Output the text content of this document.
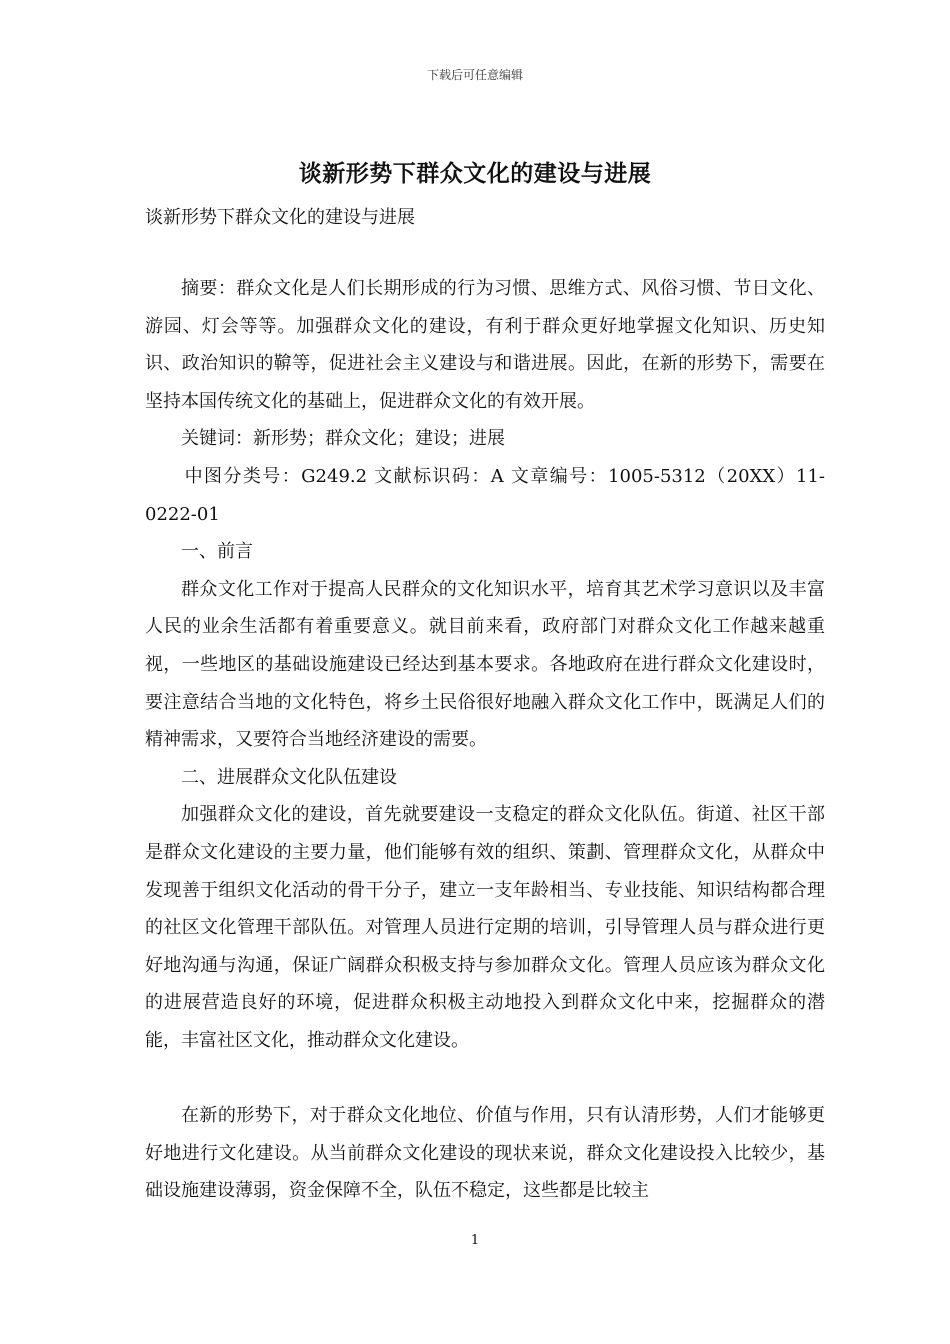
下载后可任意编辑
谈新形势下群众文化的建设与进展
谈新形势下群众文化的建设与进展

摘要：群众文化是人们长期形成的行为习惯、思维方式、风俗习惯、节日文化、游园、灯会等等。加强群众文化的建设，有利于群众更好地掌握文化知识、历史知识、政治知识的鞥等，促进社会主义建设与和谐进展。因此，在新的形势下，需要在坚持本国传统文化的基础上，促进群众文化的有效开展。

关键词：新形势；群众文化；建设；进展

中图分类号：G249.2 文献标识码：A 文章编号：1005-5312（20XX）11-0222-01

一、前言

群众文化工作对于提高人民群众的文化知识水平，培育其艺术学习意识以及丰富人民的业余生活都有着重要意义。就目前来看，政府部门对群众文化工作越来越重视，一些地区的基础设施建设已经达到基本要求。各地政府在进行群众文化建设时，要注意结合当地的文化特色，将乡土民俗很好地融入群众文化工作中，既满足人们的精神需求，又要符合当地经济建设的需要。

二、进展群众文化队伍建设

加强群众文化的建设，首先就要建设一支稳定的群众文化队伍。街道、社区干部是群众文化建设的主要力量，他们能够有效的组织、策劃、管理群众文化，从群众中发现善于组织文化活动的骨干分子，建立一支年龄相当、专业技能、知识结构都合理的社区文化管理干部队伍。对管理人员进行定期的培训，引导管理人员与群众进行更好地沟通与沟通，保证广阔群众积极支持与参加群众文化。管理人员应该为群众文化的进展营造良好的环境，促进群众积极主动地投入到群众文化中来，挖掘群众的潜能，丰富社区文化，推动群众文化建设。

在新的形势下，对于群众文化地位、价值与作用，只有认清形势，人们才能够更好地进行文化建设。从当前群众文化建设的现状来说，群众文化建设投入比较少，基础设施建设薄弱，资金保障不全，队伍不稳定，这些都是比较主

1
